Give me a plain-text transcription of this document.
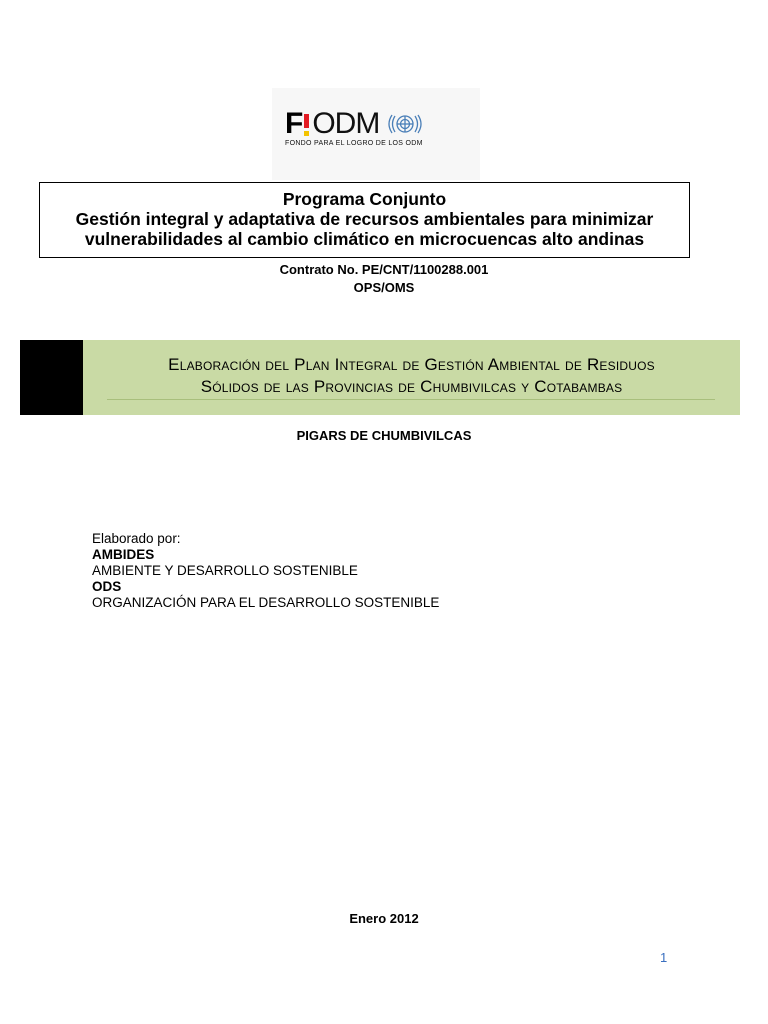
F ODM
FONDO PARA EL LOGRO DE LOS ODM
Programa Conjunto
Gestión integral y adaptativa de recursos ambientales para minimizar
vulnerabilidades al cambio climático en microcuencas alto andinas
Contrato No. PE/CNT/1100288.001
OPS/OMS
Elaboración del Plan Integral de Gestión Ambiental de Residuos
Sólidos de las Provincias de Chumbivilcas y Cotabambas
PIGARS DE CHUMBIVILCAS
Elaborado por:
AMBIDES
AMBIENTE Y DESARROLLO SOSTENIBLE
ODS
ORGANIZACIÓN PARA EL DESARROLLO SOSTENIBLE
Enero 2012
1
